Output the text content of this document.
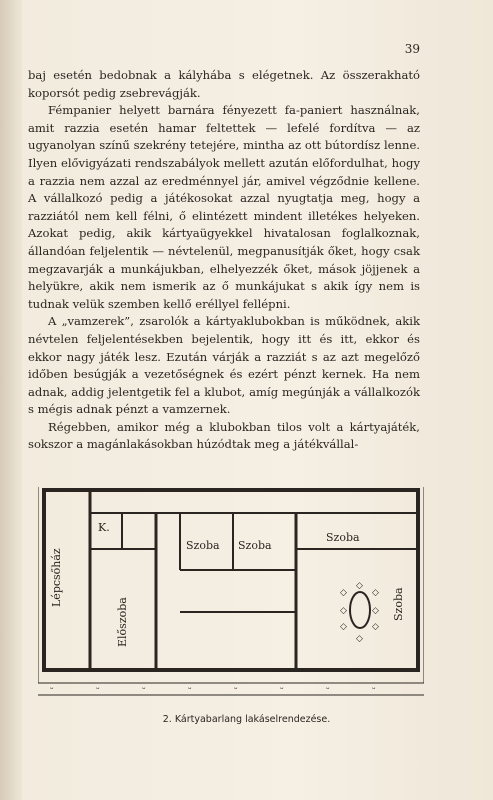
39

baj esetén bedobnak a kályhába s elégetnek. Az összerakható koporsót pedig zsebrevágják.

Fémpanier helyett barnára fényezett fa-paniert használnak, amit razzia esetén hamar feltettek — lefelé fordítva — az ugyanolyan színű szekrény tetejére, mintha az ott bútordísz lenne. Ilyen elővigyázati rendszabályok mellett azután előfordulhat, hogy a razzia nem azzal az eredménnyel jár, amivel végződnie kellene. A vállalkozó pedig a játékosokat azzal nyugtatja meg, hogy a razziától nem kell félni, ő elintézett mindent illetékes helyeken. Azokat pedig, akik kártyaügyekkel hivatalosan foglalkoznak, állandóan feljelentik — névtelenül, megpanusítják őket, hogy csak megzavarják a munkájukban, elhelyezzék őket, mások jöjjenek a helyükre, akik nem ismerik az ő munkájukat s akik így nem is tudnak velük szemben kellő eréllyel fellépni.

A „vamzerek”, zsarolók a kártyaklubokban is működnek, akik névtelen feljelentésekben bejelentik, hogy itt és itt, ekkor és ekkor nagy játék lesz. Ezután várják a razziát s az azt megelőző időben besúgják a vezetőségnek és ezért pénzt kernek. Ha nem adnak, addig jelentgetik fel a klubot, amíg megúnják a vállalkozók s mégis adnak pénzt a vamzernek.

Régebben, amikor még a klubokban tilos volt a kártyajáték, sokszor a magánlakásokban húzódtak meg a játékvállal-

◇
◇
◇
◇
◇
◇
◇
◇
ᵕ	ᵕ	ᵕ	ᵕ	ᵕ	ᵕ	ᵕ	ᵕ
Lépcsőház
K.
Előszoba
Szoba Szoba
Szoba
Szoba
2. Kártyabarlang lakáselrendezése.
